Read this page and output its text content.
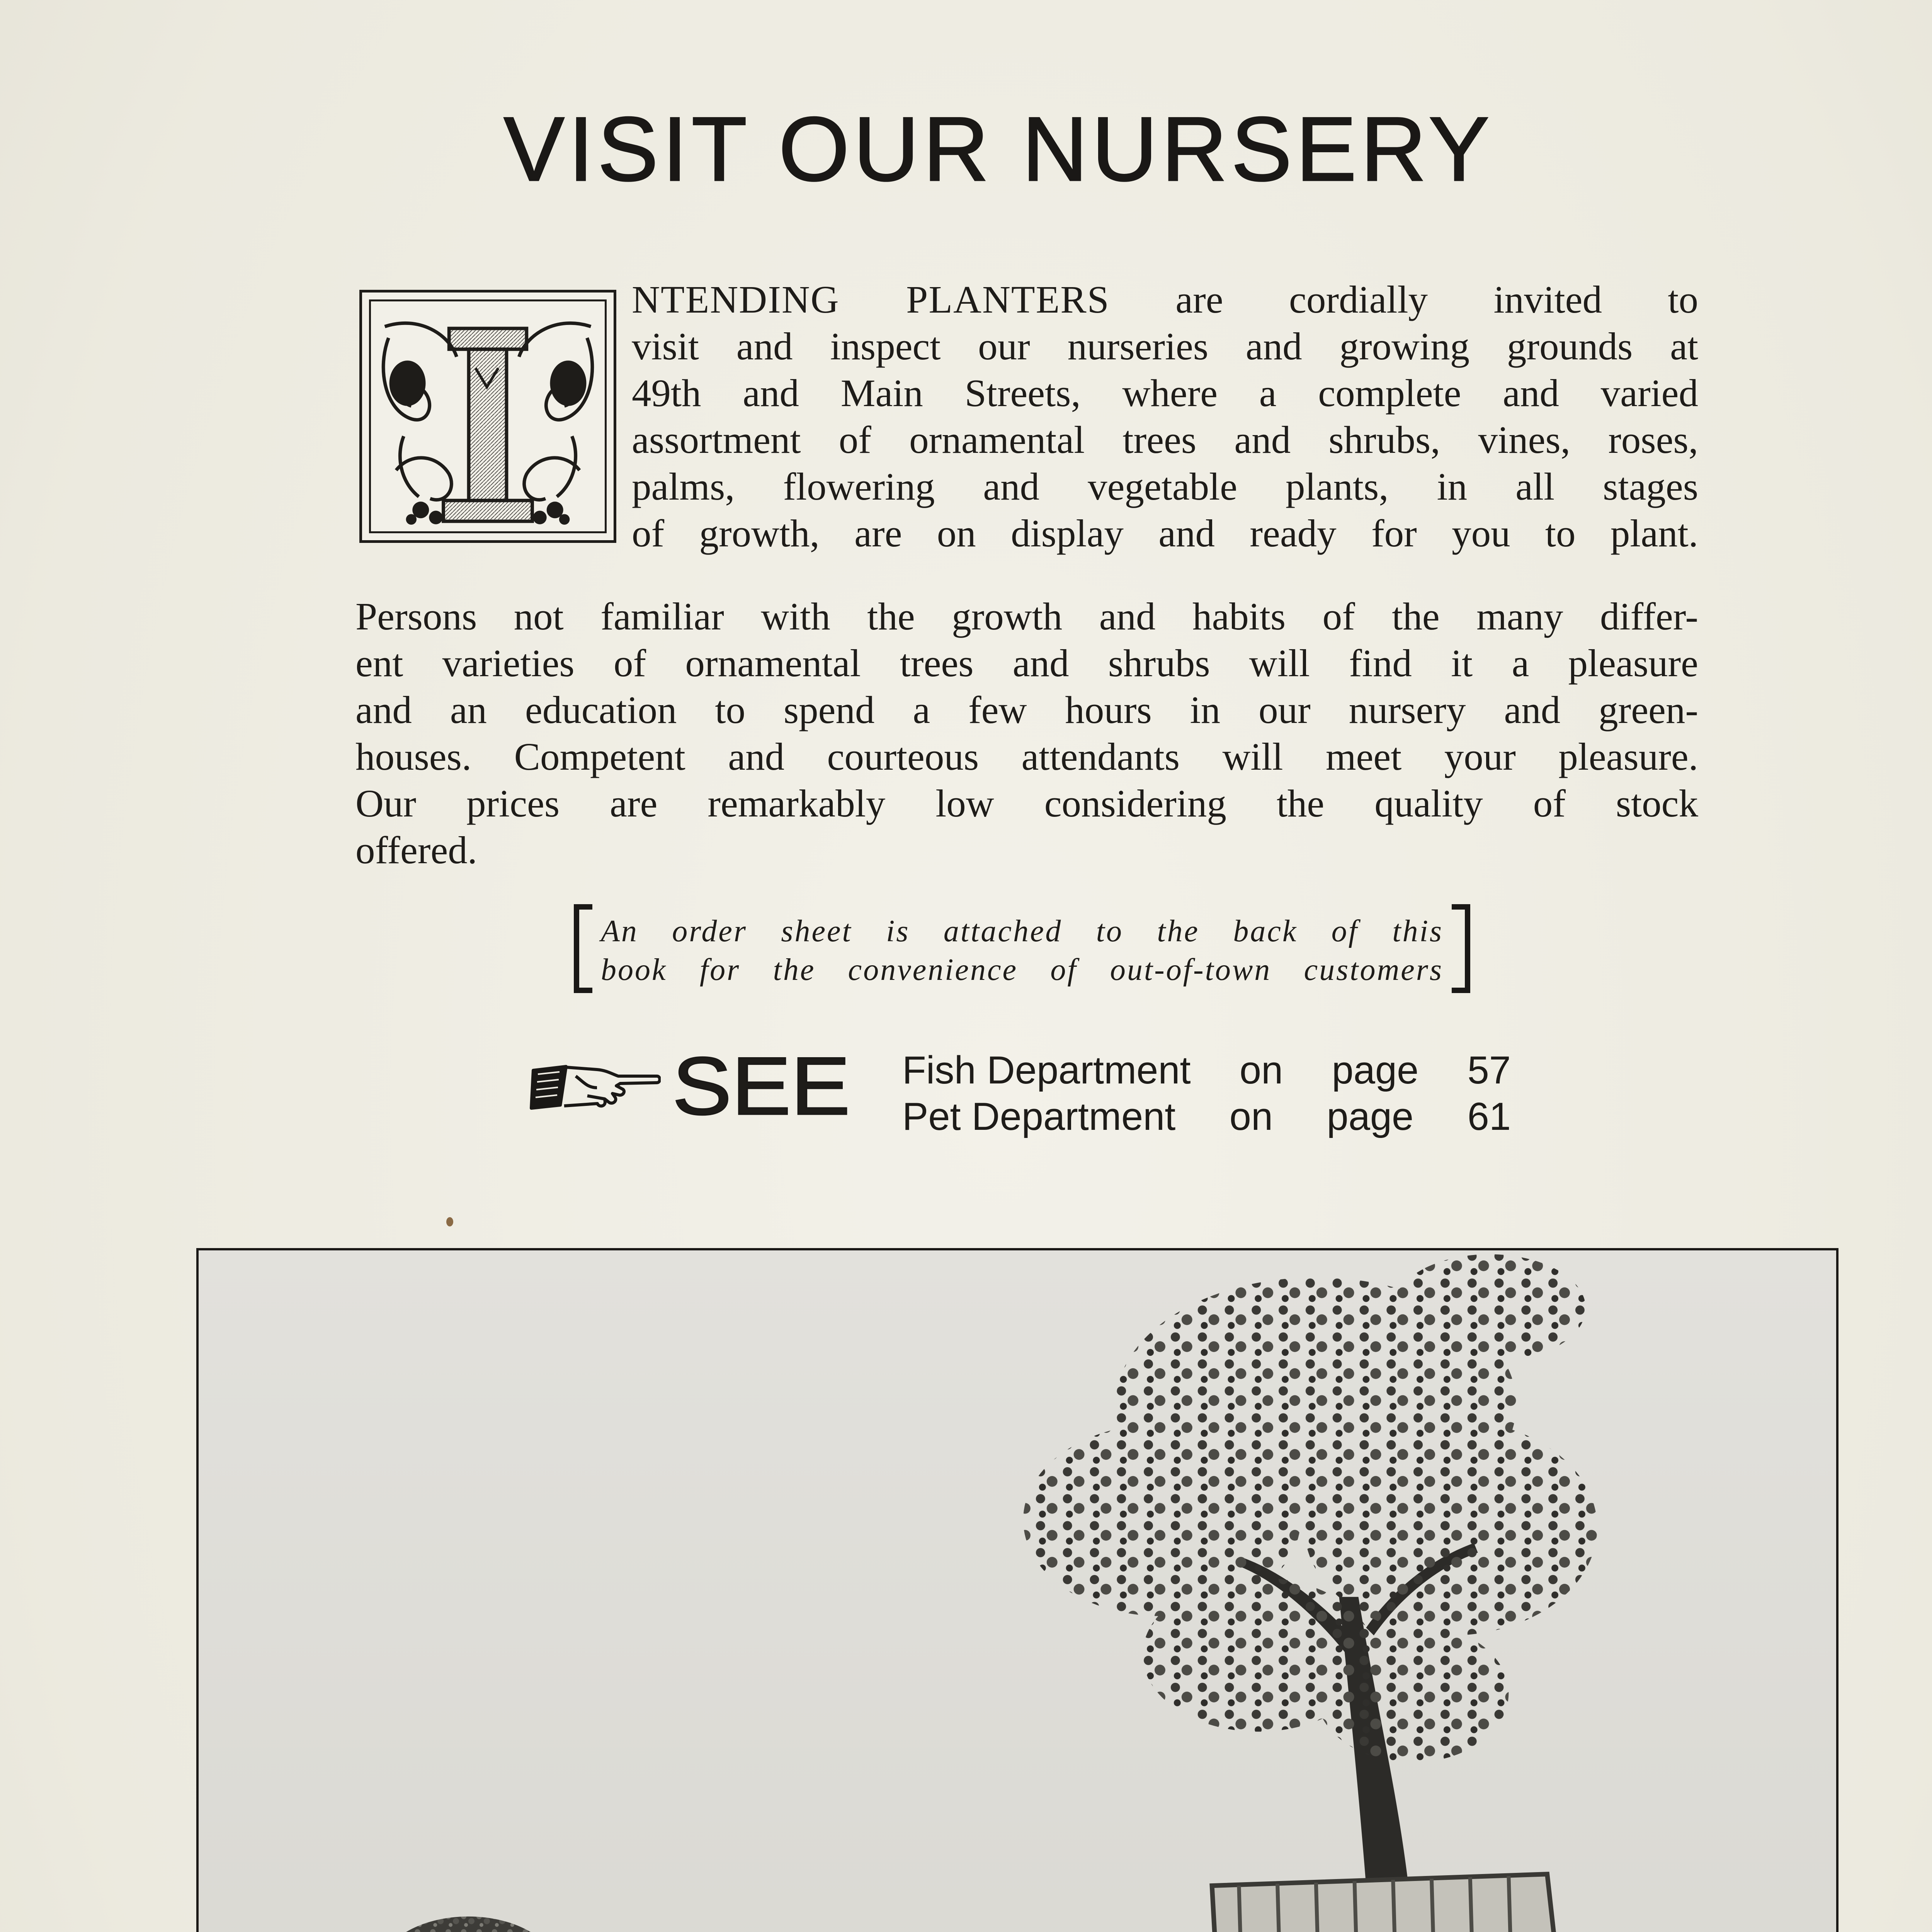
VISIT OUR NURSERY
NTENDING PLANTERS are cordially invited to
visit and inspect our nurseries and growing grounds at
49th and Main Streets, where a complete and varied
assortment of ornamental trees and shrubs, vines, roses,
palms, flowering and vegetable plants, in all stages
of growth, are on display and ready for you to plant.
Persons not familiar with the growth and habits of the many differ-
ent varieties of ornamental trees and shrubs will find it a pleasure
and an education to spend a few hours in our nursery and green-
houses. Competent and courteous attendants will meet your pleasure.
Our prices are remarkably low considering the quality of stock
offered.
An order sheet is attached to the back of this
book for the convenience of out-of-town customers
SEE Fish Department on page 57
Pet Department on page 61
